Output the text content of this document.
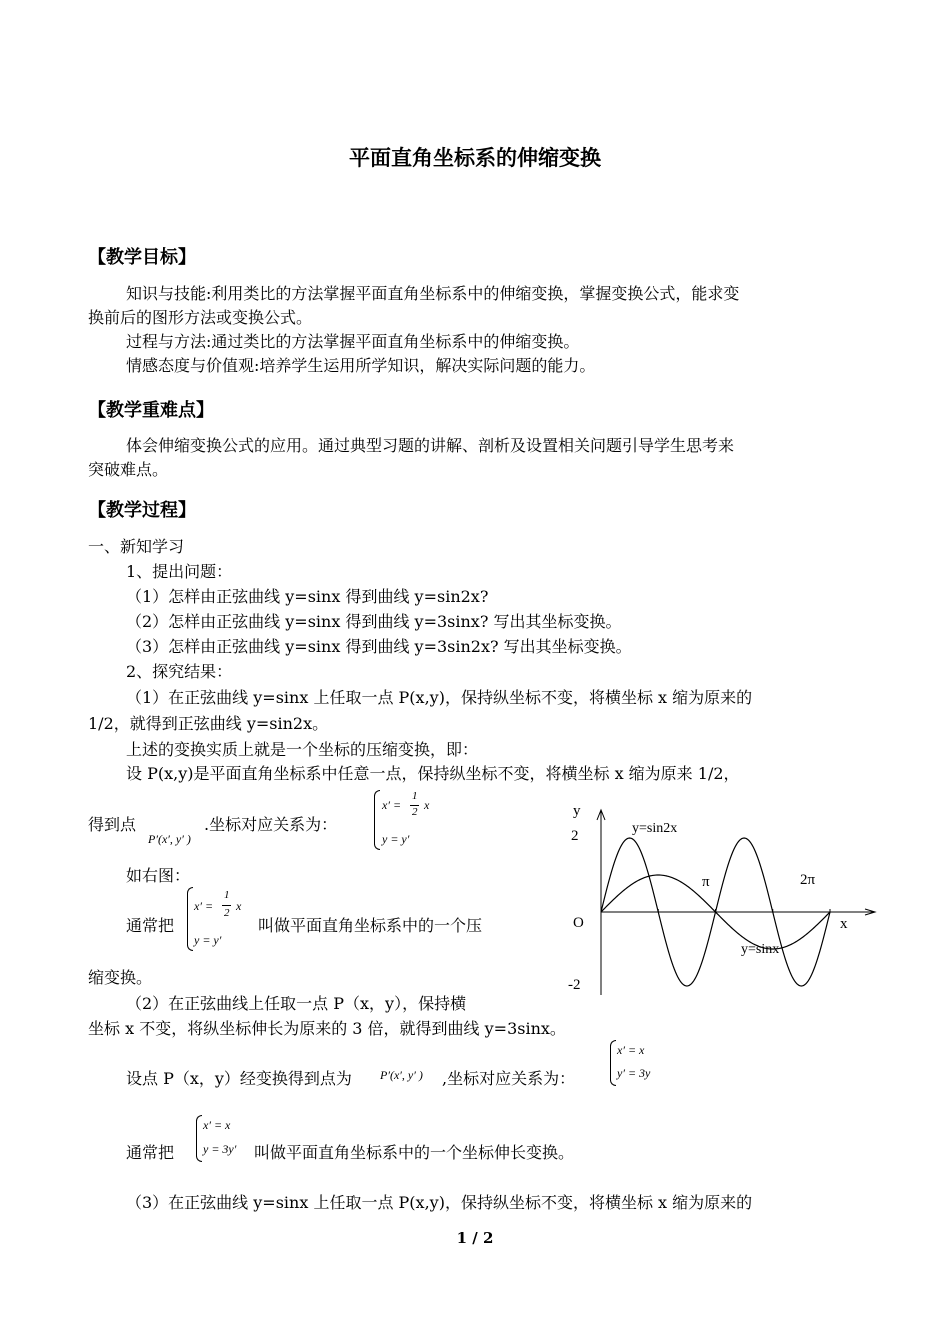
平面直角坐标系的伸缩变换
【教学目标】
知识与技能:利用类比的方法掌握平面直角坐标系中的伸缩变换，掌握变换公式，能求变
换前后的图形方法或变换公式。
过程与方法:通过类比的方法掌握平面直角坐标系中的伸缩变换。
情感态度与价值观:培养学生运用所学知识，解决实际问题的能力。
【教学重难点】
体会伸缩变换公式的应用。通过典型习题的讲解、剖析及设置相关问题引导学生思考来
突破难点。
【教学过程】
一、新知学习
1、提出问题：
（1）怎样由正弦曲线 y=sinx 得到曲线 y=sin2x?
（2）怎样由正弦曲线 y=sinx 得到曲线 y=3sinx? 写出其坐标变换。
（3）怎样由正弦曲线 y=sinx 得到曲线 y=3sin2x? 写出其坐标变换。
2、探究结果：
（1）在正弦曲线 y=sinx 上任取一点 P(x,y)，保持纵坐标不变，将横坐标 x 缩为原来的
1/2，就得到正弦曲线 y=sin2x。
上述的变换实质上就是一个坐标的压缩变换，即：
设 P(x,y)是平面直角坐标系中任意一点，保持纵坐标不变，将横坐标 x 缩为原来 1/2，
得到点
P′(x′, y′ )
.坐标对应关系为：
x′ =
1
2 x
y = y′
如右图：
通常把
x′ =
1
2 x
y = y′
叫做平面直角坐标系中的一个压
缩变换。
（2）在正弦曲线上任取一点 P（x，y），保持横
坐标 x 不变，将纵坐标伸长为原来的 3 倍，就得到曲线 y=3sinx。
设点 P（x，y）经变换得到点为 P′(x′, y′ ) ,坐标对应关系为：
x′ = x
y′ = 3y
通常把
x′ = x
y = 3y′ 叫做平面直角坐标系中的一个坐标伸长变换。
（3）在正弦曲线 y=sinx 上任取一点 P(x,y)，保持纵坐标不变，将横坐标 x 缩为原来的
1 / 2
y
x
O
2
-2
π	2π
y=sin2x
y=sinx
